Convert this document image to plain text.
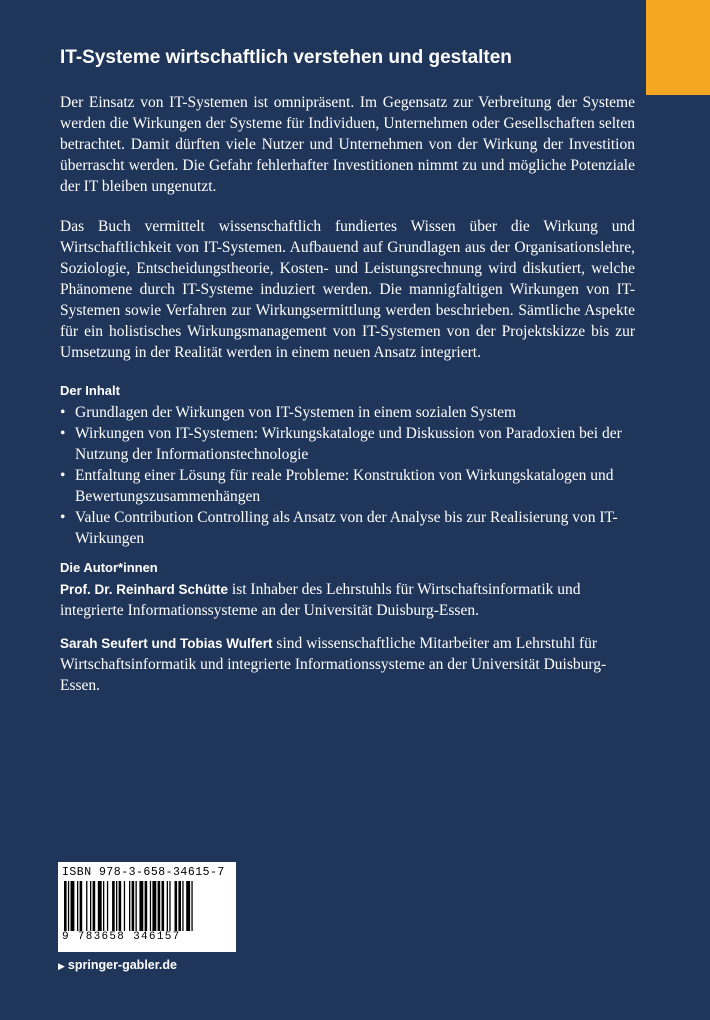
IT-Systeme wirtschaftlich verstehen und gestalten

Der Einsatz von IT-Systemen ist omnipräsent. Im Gegensatz zur Verbreitung der Systeme werden die Wirkungen der Systeme für Individuen, Unternehmen oder Gesellschaften selten betrachtet. Damit dürften viele Nutzer und Unternehmen von der Wirkung der Investition überrascht werden. Die Gefahr fehlerhafter Investitionen nimmt zu und mögliche Potenziale der IT bleiben ungenutzt.

Das Buch vermittelt wissenschaftlich fundiertes Wissen über die Wirkung und Wirtschaftlichkeit von IT-Systemen. Aufbauend auf Grundlagen aus der Organisationslehre, Soziologie, Entscheidungstheorie, Kosten- und Leistungsrechnung wird diskutiert, welche Phänomene durch IT-Systeme induziert werden. Die mannigfaltigen Wirkungen von IT-Systemen sowie Verfahren zur Wirkungsermittlung werden beschrieben. Sämtliche Aspekte für ein holistisches Wirkungsmanagement von IT-Systemen von der Projektskizze bis zur Umsetzung in der Realität werden in einem neuen Ansatz integriert.

Der Inhalt
• Grundlagen der Wirkungen von IT-Systemen in einem sozialen System
• Wirkungen von IT-Systemen: Wirkungskataloge und Diskussion von Paradoxien bei der Nutzung der Informationstechnologie
• Entfaltung einer Lösung für reale Probleme: Konstruktion von Wirkungskatalogen und Bewertungszusammenhängen
• Value Contribution Controlling als Ansatz von der Analyse bis zur Realisierung von IT-Wirkungen
Die Autor*innen

Prof. Dr. Reinhard Schütte ist Inhaber des Lehrstuhls für Wirtschaftsinformatik und integrierte Informationssysteme an der Universität Duisburg-Essen.

Sarah Seufert und Tobias Wulfert sind wissenschaftliche Mitarbeiter am Lehrstuhl für Wirtschaftsinformatik und integrierte Informationssysteme an der Universität Duisburg-Essen.

ISBN 978-3-658-34615-7
9 783658 346157
▶ springer-gabler.de
